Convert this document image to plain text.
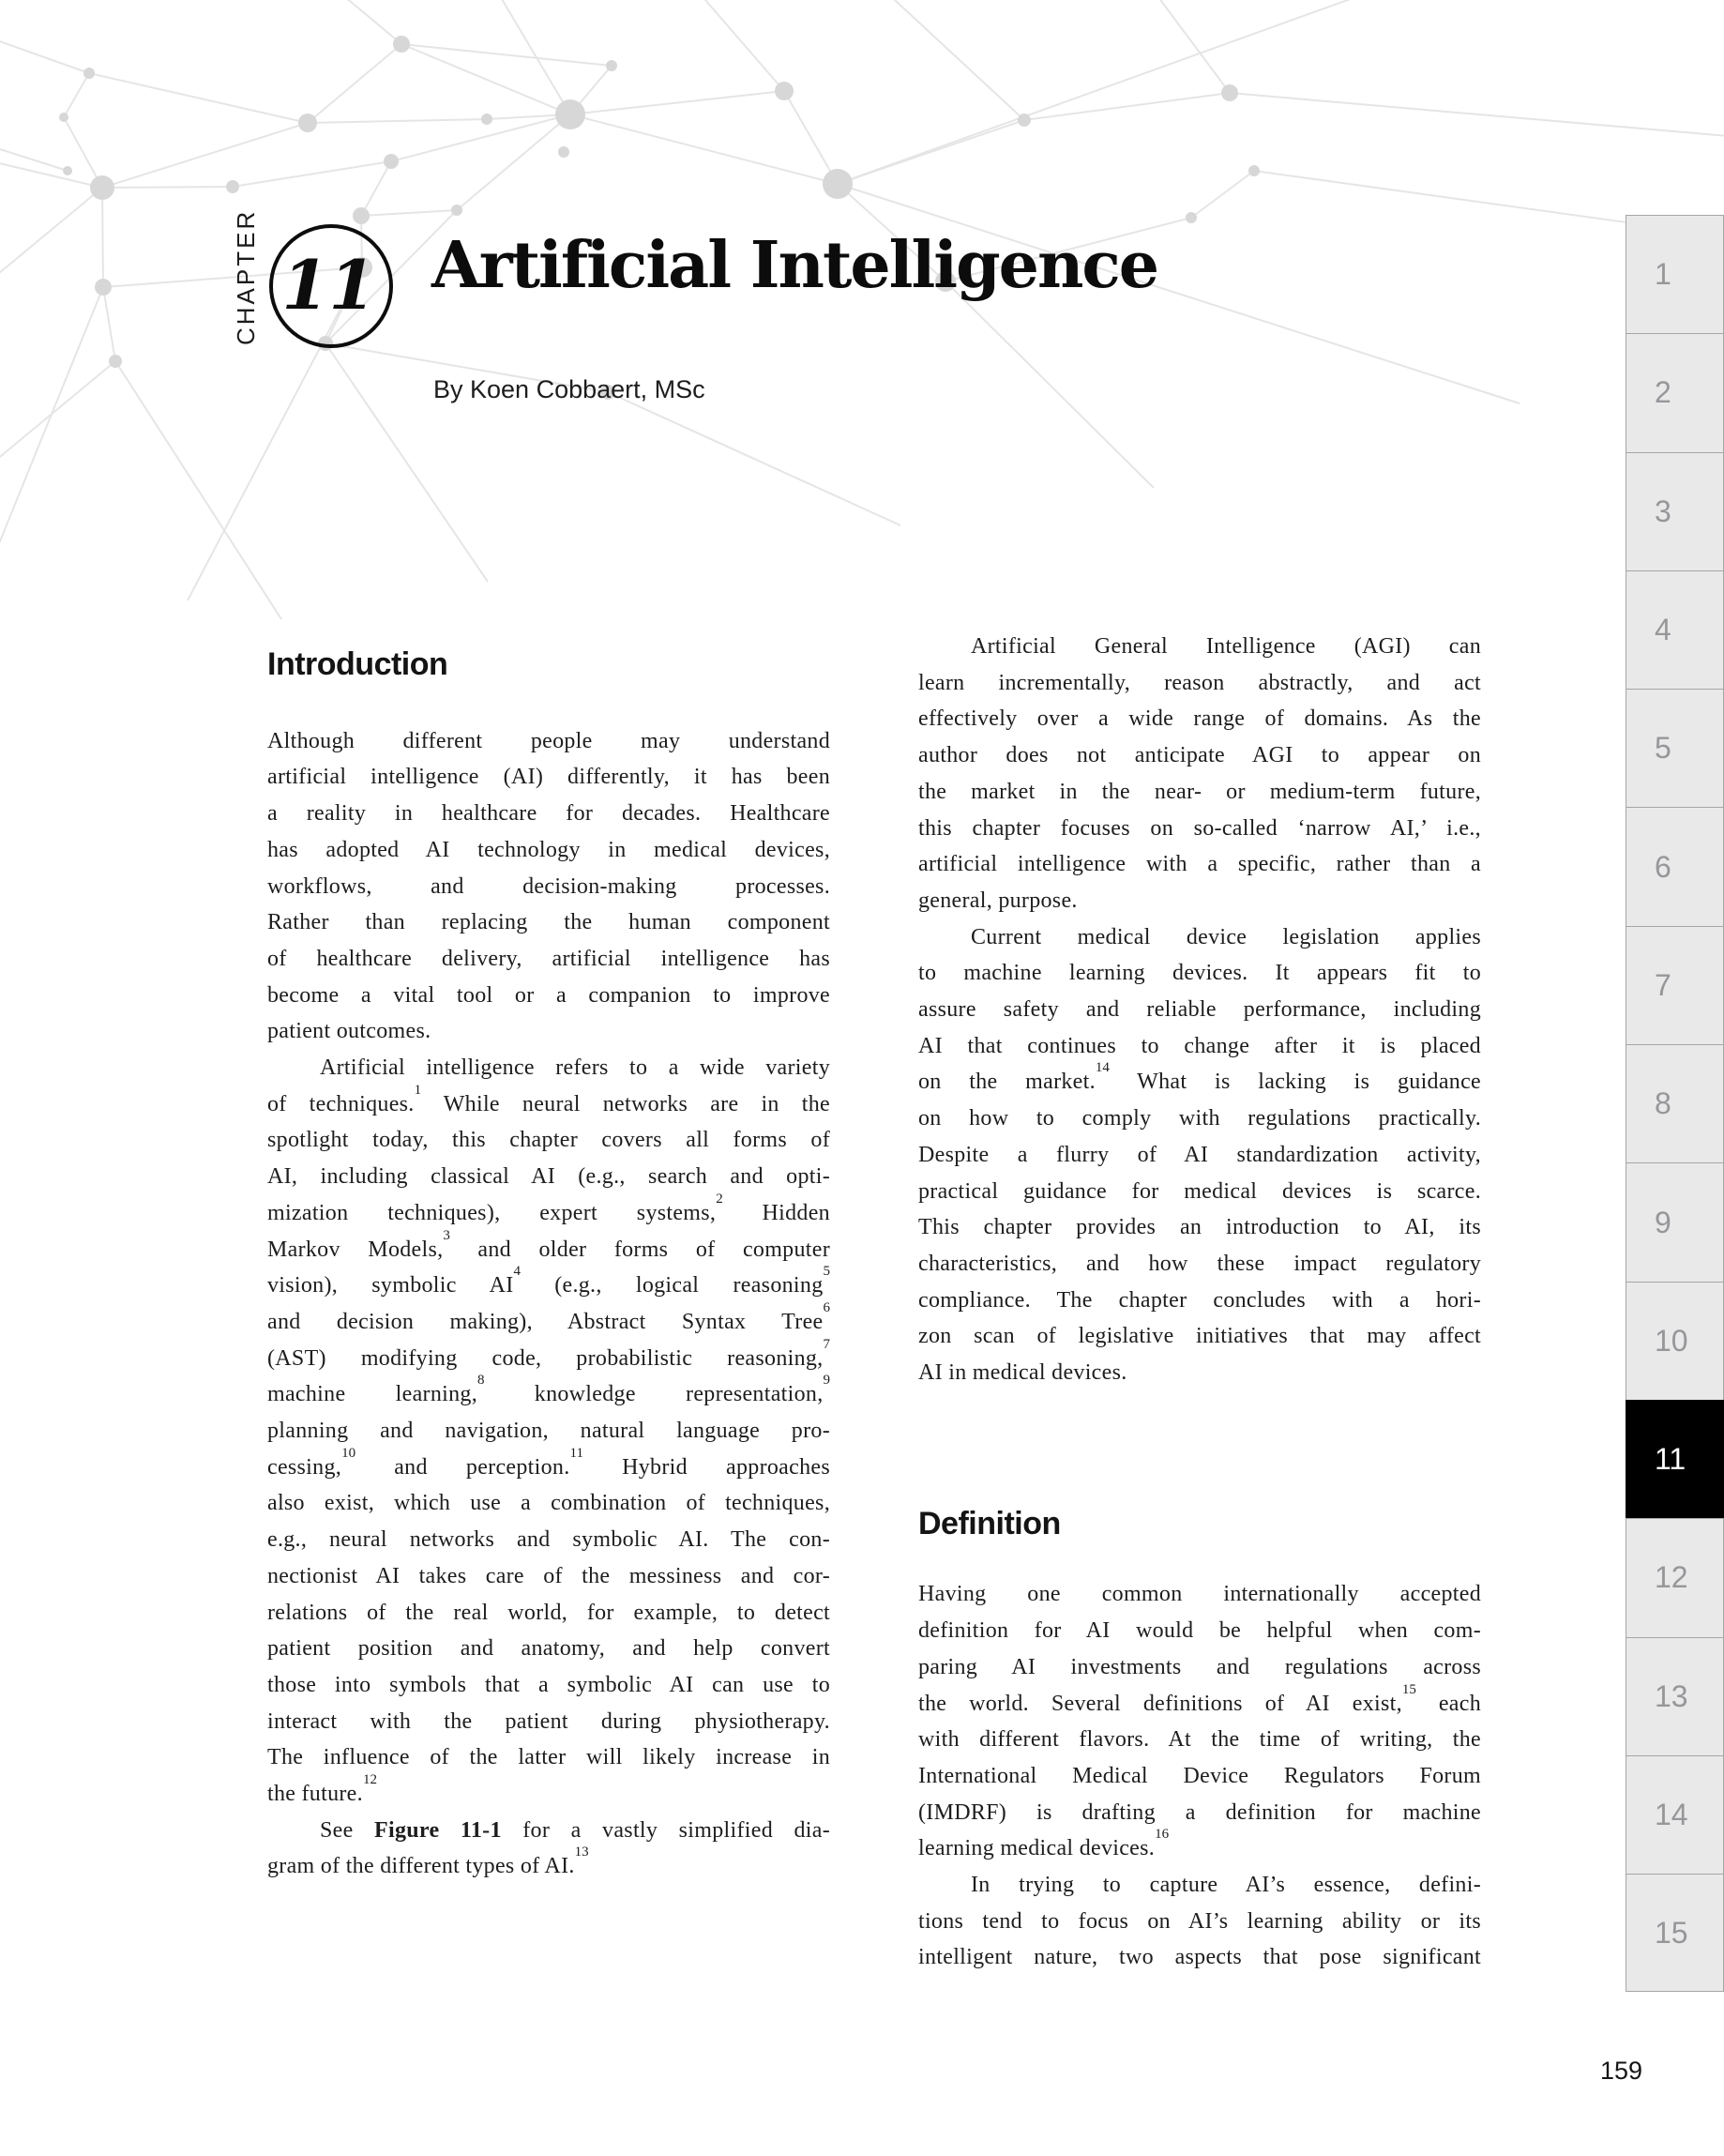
CHAPTER 11 Artificial Intelligence
By Koen Cobbaert, MSc
Introduction
Although different people may understand
artificial intelligence (AI) differently, it has been
a reality in healthcare for decades. Healthcare
has adopted AI technology in medical devices,
workflows, and decision-making processes.
Rather than replacing the human component
of healthcare delivery, artificial intelligence has
become a vital tool or a companion to improve
patient outcomes.
Artificial intelligence refers to a wide variety
of techniques.$^1$ While neural networks are in the
spotlight today, this chapter covers all forms of
AI, including classical AI (e.g., search and opti-
mization techniques), expert systems,$^2$ Hidden
Markov Models,$^3$ and older forms of computer
vision), symbolic $AI^4$ (e.g., logical reasoning$^5$
and decision making), Abstract Syntax Tree$^6$
(AST) modifying code, probabilistic reasoning,$^7$
machine learning,$^8$ knowledge representation,$^9$
planning and navigation, natural language pro-
cessing,$^{10}$ and perception.$^{11}$ Hybrid approaches
also exist, which use a combination of techniques,
e.g., neural networks and symbolic AI. The con-
nectionist AI takes care of the messiness and cor-
relations of the real world, for example, to detect
patient position and anatomy, and help convert
those into symbols that a symbolic AI can use to
interact with the patient during physiotherapy.
The influence of the latter will likely increase in
the future.$^{12}$
See Figure 11-1 for a vastly simplified dia-
gram of the different types of AI.$^{13}$
Artificial General Intelligence (AGI) can
learn incrementally, reason abstractly, and act
effectively over a wide range of domains. As the
author does not anticipate AGI to appear on
the market in the near- or medium-term future,
this chapter focuses on so-called ‘narrow AI,’ i.e.,
artificial intelligence with a specific, rather than a
general, purpose.
Current medical device legislation applies
to machine learning devices. It appears fit to
assure safety and reliable performance, including
AI that continues to change after it is placed
on the market.$^{14}$ What is lacking is guidance
on how to comply with regulations practically.
Despite a flurry of AI standardization activity,
practical guidance for medical devices is scarce.
This chapter provides an introduction to AI, its
characteristics, and how these impact regulatory
compliance. The chapter concludes with a hori-
zon scan of legislative initiatives that may affect
AI in medical devices.
Definition
Having one common internationally accepted
definition for AI would be helpful when com-
paring AI investments and regulations across
the world. Several definitions of AI exist,$^{15}$ each
with different flavors. At the time of writing, the
International Medical Device Regulators Forum
(IMDRF) is drafting a definition for machine
learning medical devices.$^{16}$
In trying to capture AI’s essence, defini-
tions tend to focus on AI’s learning ability or its
intelligent nature, two aspects that pose significant
1
2
3
4
5
6
7
8
9
10
11
12
13
14
15
159
